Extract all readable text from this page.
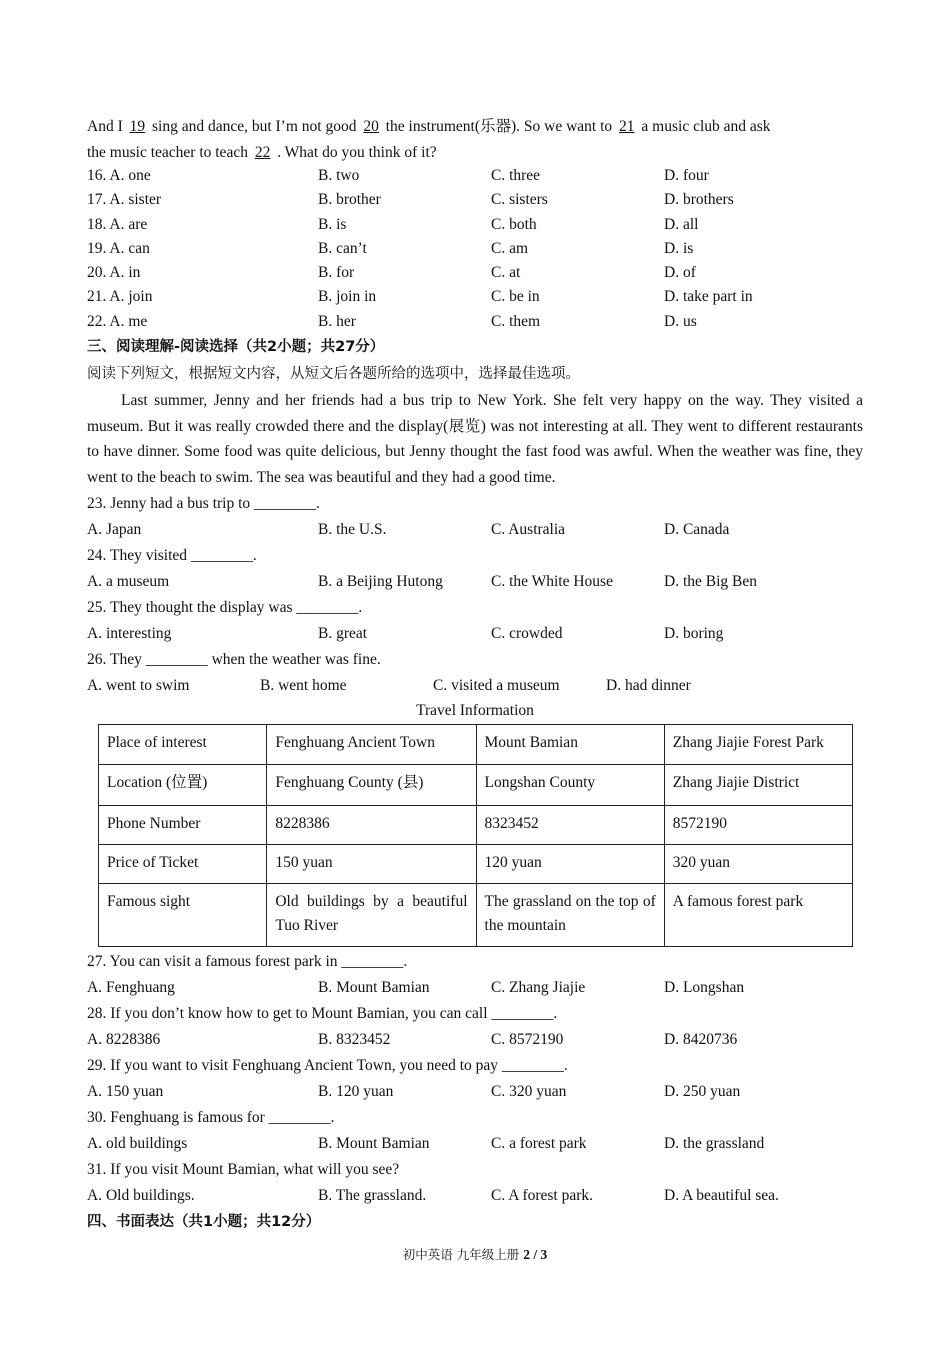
And I 19 sing and dance, but I’m not good 20 the instrument(乐器). So we want to 21 a music club and ask
the music teacher to teach 22 . What do you think of it?
16. A. one	B. two	C. three	D. four
17. A. sister	B. brother	C. sisters	D. brothers
18. A. are	B. is	C. both	D. all
19. A. can	B. can’t	C. am	D. is
20. A. in	B. for	C. at	D. of
21. A. join	B. join in	C. be in	D. take part in
22. A. me	B. her	C. them	D. us
三、阅读理解-阅读选择（共2小题；共27分）
阅读下列短文，根据短文内容，从短文后各题所给的选项中，选择最佳选项。
Last summer, Jenny and her friends had a bus trip to New York. She felt very happy on the way. They visited a museum. But it was really crowded there and the display(展览) was not interesting at all. They went to different restaurants to have dinner. Some food was quite delicious, but Jenny thought the fast food was awful. When the weather was fine, they went to the beach to swim. The sea was beautiful and they had a good time.
23. Jenny had a bus trip to ________.
A. Japan	B. the U.S.	C. Australia	D. Canada
24. They visited ________.
A. a museum	B. a Beijing Hutong	C. the White House	D. the Big Ben
25. They thought the display was ________.
A. interesting	B. great	C. crowded	D. boring
26. They ________ when the weather was fine.
A. went to swim	B. went home	C. visited a museum	D. had dinner
Travel Information
Place of interest	Fenghuang Ancient Town	Mount Bamian	Zhang Jiajie Forest Park
Location (位置)	Fenghuang County (县)	Longshan County	Zhang Jiajie District
Phone Number	8228386	8323452	8572190
Price of Ticket	150 yuan	120 yuan	320 yuan
Famous sight	Old buildings by a beautiful Tuo River	The grassland on the top of the mountain	A famous forest park
27. You can visit a famous forest park in ________.
A. Fenghuang	B. Mount Bamian	C. Zhang Jiajie	D. Longshan
28. If you don’t know how to get to Mount Bamian, you can call ________.
A. 8228386	B. 8323452	C. 8572190	D. 8420736
29. If you want to visit Fenghuang Ancient Town, you need to pay ________.
A. 150 yuan	B. 120 yuan	C. 320 yuan	D. 250 yuan
30. Fenghuang is famous for ________.
A. old buildings	B. Mount Bamian	C. a forest park	D. the grassland
31. If you visit Mount Bamian, what will you see?
A. Old buildings.	B. The grassland.	C. A forest park.	D. A beautiful sea.
四、书面表达（共1小题；共12分）
初中英语 九年级上册 2 / 3
